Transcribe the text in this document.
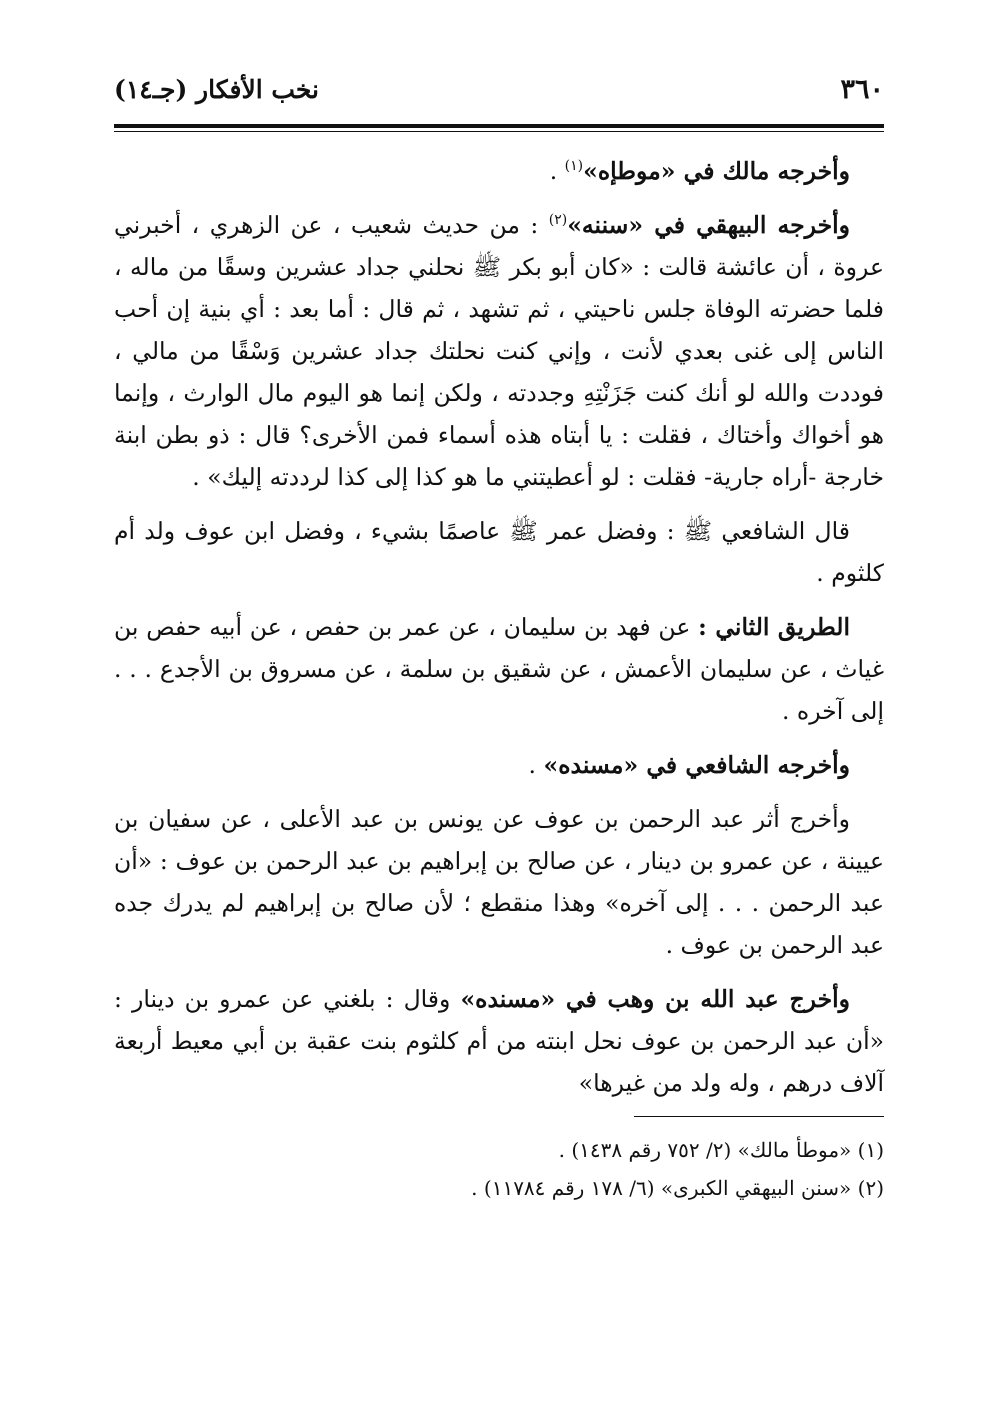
٣٦٠
نخب الأفكار (جـ١٤)

وأخرجه مالك في «موطإه»$^{(١)}$ .

وأخرجه البيهقي في «سننه»$^{(٢)}$ : من حديث شعيب ، عن الزهري ، أخبرني عروة ، أن عائشة قالت : «كان أبو بكر ﷺ نحلني جداد عشرين وسقًا من ماله ، فلما حضرته الوفاة جلس ناحيتي ، ثم تشهد ، ثم قال : أما بعد : أي بنية إن أحب الناس إلى غنى بعدي لأنت ، وإني كنت نحلتك جداد عشرين وَسْقًا من مالي ، فوددت والله لو أنك كنت جَزَنْتِهِ وجددته ، ولكن إنما هو اليوم مال الوارث ، وإنما هو أخواك وأختاك ، فقلت : يا أبتاه هذه أسماء فمن الأخرى؟ قال : ذو بطن ابنة خارجة -أراه جارية- فقلت : لو أعطيتني ما هو كذا إلى كذا لرددته إليك» .

قال الشافعي ﷺ : وفضل عمر ﷺ عاصمًا بشيء ، وفضل ابن عوف ولد أم كلثوم .

الطريق الثاني : عن فهد بن سليمان ، عن عمر بن حفص ، عن أبيه حفص بن غياث ، عن سليمان الأعمش ، عن شقيق بن سلمة ، عن مسروق بن الأجدع . . . إلى آخره .

وأخرجه الشافعي في «مسنده» .

وأخرج أثر عبد الرحمن بن عوف عن يونس بن عبد الأعلى ، عن سفيان بن عيينة ، عن عمرو بن دينار ، عن صالح بن إبراهيم بن عبد الرحمن بن عوف : «أن عبد الرحمن . . . إلى آخره» وهذا منقطع ؛ لأن صالح بن إبراهيم لم يدرك جده عبد الرحمن بن عوف .

وأخرج عبد الله بن وهب في «مسنده» وقال : بلغني عن عمرو بن دينار : «أن عبد الرحمن بن عوف نحل ابنته من أم كلثوم بنت عقبة بن أبي معيط أربعة آلاف درهم ، وله ولد من غيرها»

(١) «موطأ مالك» (٢/ ٧٥٢ رقم ١٤٣٨) .

(٢) «سنن البيهقي الكبرى» (٦/ ١٧٨ رقم ١١٧٨٤) .
